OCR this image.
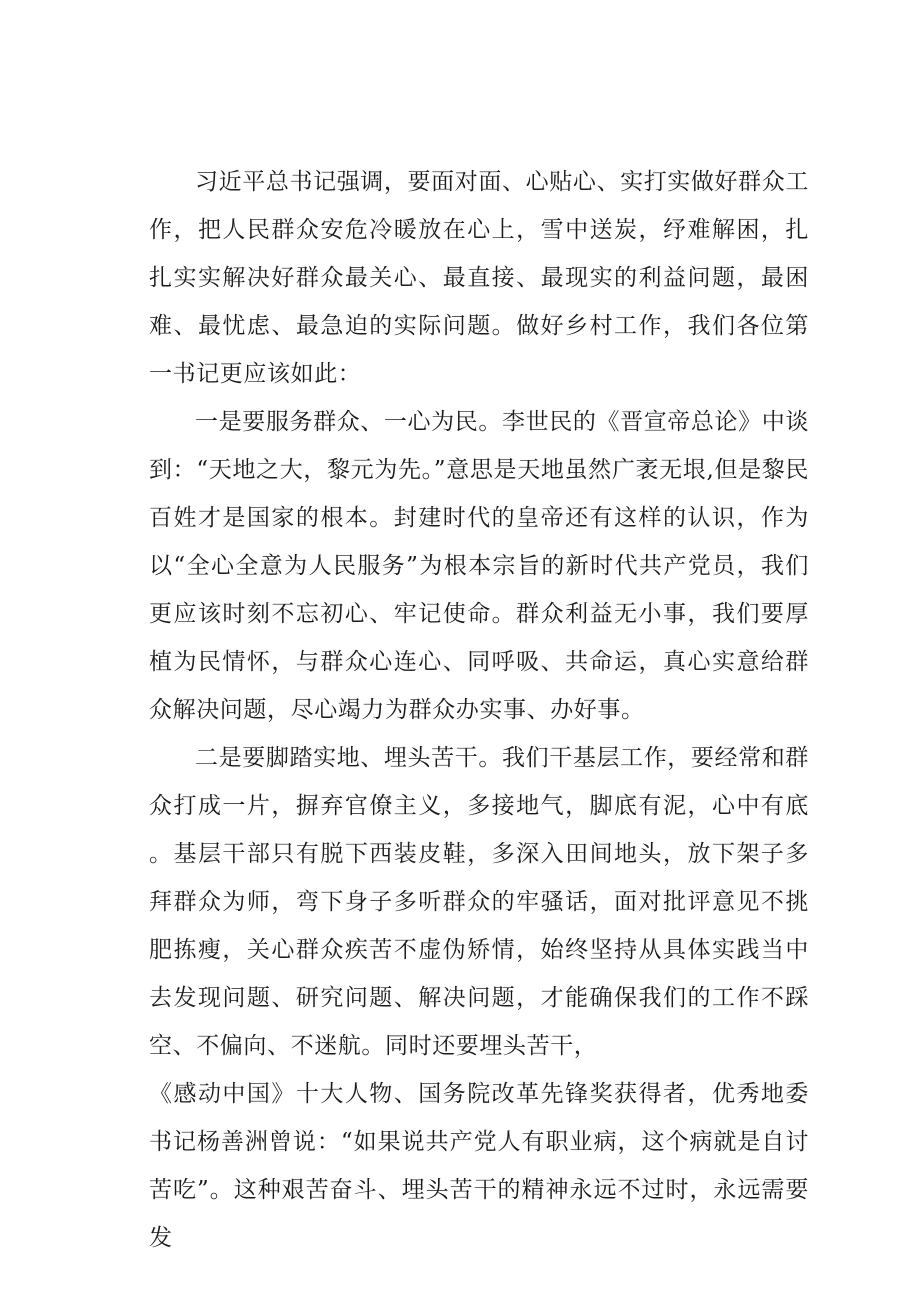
习近平总书记强调，要面对面、心贴心、实打实做好群众工作，把人民群众安危冷暖放在心上，雪中送炭，纾难解困，扎扎实实解决好群众最关心、最直接、最现实的利益问题，最困难、最忧虑、最急迫的实际问题。做好乡村工作，我们各位第一书记更应该如此：

一是要服务群众、一心为民。李世民的《晋宣帝总论》中谈到：“天地之大，黎元为先。”意思是天地虽然广袤无垠,但是黎民百姓才是国家的根本。封建时代的皇帝还有这样的认识，作为以“全心全意为人民服务”为根本宗旨的新时代共产党员，我们更应该时刻不忘初心、牢记使命。群众利益无小事，我们要厚植为民情怀，与群众心连心、同呼吸、共命运，真心实意给群众解决问题，尽心竭力为群众办实事、办好事。

二是要脚踏实地、埋头苦干。我们干基层工作，要经常和群众打成一片，摒弃官僚主义，多接地气，脚底有泥，心中有底。基层干部只有脱下西装皮鞋，多深入田间地头，放下架子多拜群众为师，弯下身子多听群众的牢骚话，面对批评意见不挑肥拣瘦，关心群众疾苦不虚伪矫情，始终坚持从具体实践当中去发现问题、研究问题、解决问题，才能确保我们的工作不踩空、不偏向、不迷航。同时还要埋头苦干，

《感动中国》十大人物、国务院改革先锋奖获得者，优秀地委书记杨善洲曾说：“如果说共产党人有职业病，这个病就是自讨苦吃”。这种艰苦奋斗、埋头苦干的精神永远不过时，永远需要发
